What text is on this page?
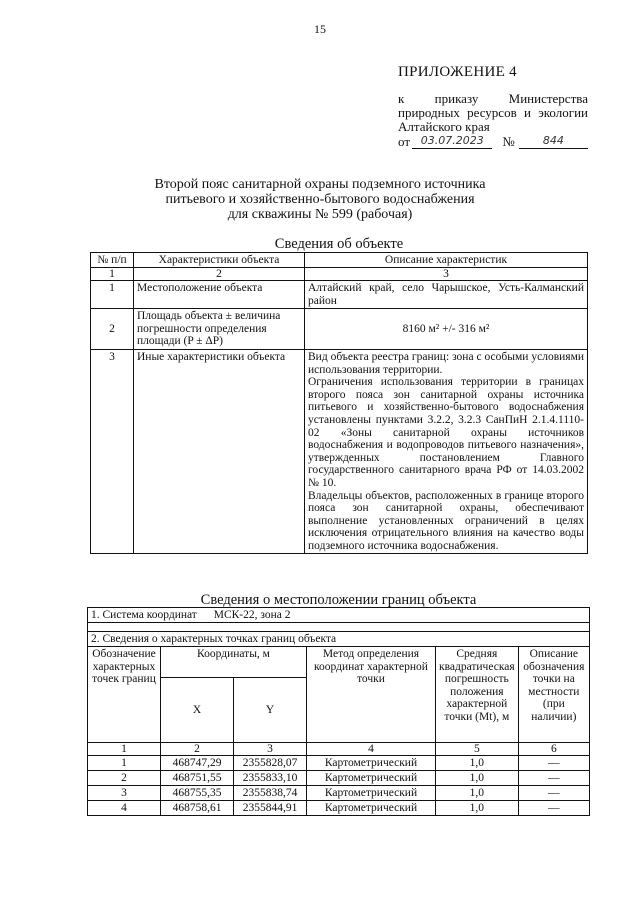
15
ПРИЛОЖЕНИЕ 4
к приказу Министерства природных ресурсов и экологии Алтайского края
от 03.07.2023	№	844
Второй пояс санитарной охраны подземного источника
питьевого и хозяйственно-бытового водоснабжения
для скважины № 599 (рабочая)
Сведения об объекте
№ п/п	Характеристики объекта	Описание характеристик
1	2	3
1	Местоположение объекта	Алтайский край, село Чарышское, Усть-Калманский район
2	Площадь объекта ± величина погрешности определения площади (P ± ΔP)	8160 м² +/- 316 м²
3	Иные характеристики объекта	Вид объекта реестра границ: зона с особыми условиями использования территории.
Ограничения использования территории в границах второго пояса зон санитарной охраны источника питьевого и хозяйственно-бытового водоснабжения установлены пунктами 3.2.2, 3.2.3 СанПиН 2.1.4.1110-02 «Зоны санитарной охраны источников водоснабжения и водопроводов питьевого назначения», утвержденных постановлением Главного государственного санитарного врача РФ от 14.03.2002 № 10.
Владельцы объектов, расположенных в границе второго пояса зон санитарной охраны, обеспечивают выполнение установленных ограничений в целях исключения отрицательного влияния на качество воды подземного источника водоснабжения.
Сведения о местоположении границ объекта
1. Система координат МСК-22, зона 2					

2. Сведения о характерных точках границ объекта					
Обозначение характерных точек границ	Координаты, м		Метод определения координат характерной точки	Средняя квадратическая погрешность положения характерной точки (Mt), м	Описание обозначения точки на местности (при наличии)
	X	Y			
1	2	3	4	5	6
1	468747,29	2355828,07	Картометрический	1,0	—
2	468751,55	2355833,10	Картометрический	1,0	—
3	468755,35	2355838,74	Картометрический	1,0	—
4	468758,61	2355844,91	Картометрический	1,0	—
